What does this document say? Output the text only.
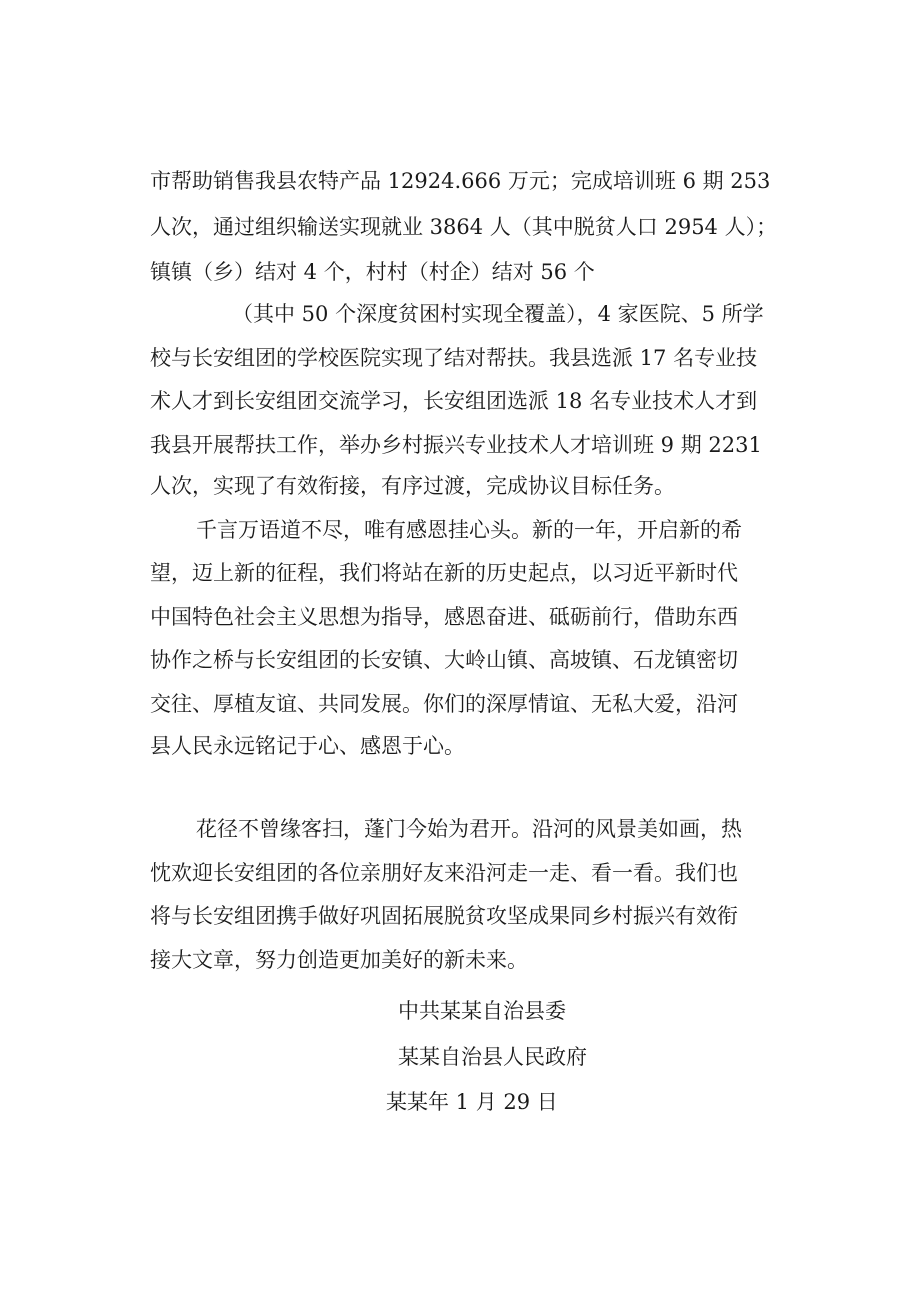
市帮助销售我县农特产品 12924.666 万元；完成培训班 6 期 253
人次，通过组织输送实现就业 3864 人（其中脱贫人口 2954 人）；
镇镇（乡）结对 4 个，村村（村企）结对 56 个
（其中 50 个深度贫困村实现全覆盖），4 家医院、5 所学
校与长安组团的学校医院实现了结对帮扶。我县选派 17 名专业技
术人才到长安组团交流学习，长安组团选派 18 名专业技术人才到
我县开展帮扶工作，举办乡村振兴专业技术人才培训班 9 期 2231
人次，实现了有效衔接，有序过渡，完成协议目标任务。
千言万语道不尽，唯有感恩挂心头。新的一年，开启新的希
望，迈上新的征程，我们将站在新的历史起点，以习近平新时代
中国特色社会主义思想为指导，感恩奋进、砥砺前行，借助东西
协作之桥与长安组团的长安镇、大岭山镇、高坡镇、石龙镇密切
交往、厚植友谊、共同发展。你们的深厚情谊、无私大爱，沿河
县人民永远铭记于心、感恩于心。
花径不曾缘客扫，蓬门今始为君开。沿河的风景美如画，热
忱欢迎长安组团的各位亲朋好友来沿河走一走、看一看。我们也
将与长安组团携手做好巩固拓展脱贫攻坚成果同乡村振兴有效衔
接大文章，努力创造更加美好的新未来。
中共某某自治县委
某某自治县人民政府
某某年 1 月 29 日
